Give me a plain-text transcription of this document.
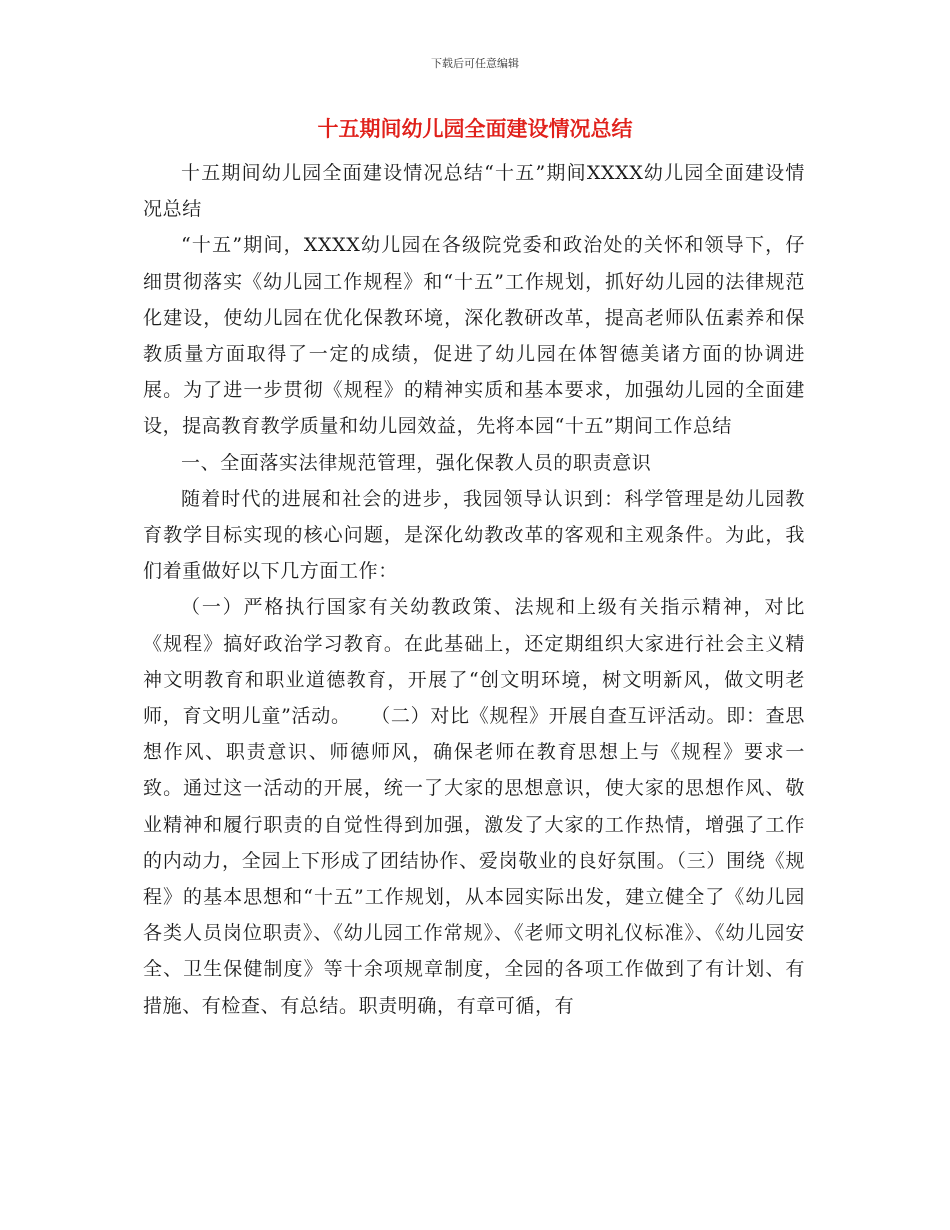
下载后可任意编辑
十五期间幼儿园全面建设情况总结

十五期间幼儿园全面建设情况总结“十五”期间XXXX幼儿园全面建设情况总结

“十五”期间，XXXX幼儿园在各级院党委和政治处的关怀和领导下，仔细贯彻落实《幼儿园工作规程》和“十五”工作规划，抓好幼儿园的法律规范化建设，使幼儿园在优化保教环境，深化教研改革，提高老师队伍素养和保教质量方面取得了一定的成绩，促进了幼儿园在体智德美诸方面的协调进展。为了进一步贯彻《规程》的精神实质和基本要求，加强幼儿园的全面建设，提高教育教学质量和幼儿园效益，先将本园“十五”期间工作总结

一、全面落实法律规范管理，强化保教人员的职责意识

随着时代的进展和社会的进步，我园领导认识到：科学管理是幼儿园教育教学目标实现的核心问题，是深化幼教改革的客观和主观条件。为此，我们着重做好以下几方面工作：

（一）严格执行国家有关幼教政策、法规和上级有关指示精神，对比《规程》搞好政治学习教育。在此基础上，还定期组织大家进行社会主义精神文明教育和职业道德教育，开展了“创文明环境，树文明新风，做文明老师，育文明儿童”活动。　　（二）对比《规程》开展自查互评活动。即：查思想作风、职责意识、师德师风，确保老师在教育思想上与《规程》要求一致。通过这一活动的开展，统一了大家的思想意识，使大家的思想作风、敬业精神和履行职责的自觉性得到加强，激发了大家的工作热情，增强了工作的内动力，全园上下形成了团结协作、爱岗敬业的良好氛围。（三）围绕《规程》的基本思想和“十五”工作规划，从本园实际出发，建立健全了《幼儿园各类人员岗位职责》、《幼儿园工作常规》、《老师文明礼仪标准》、《幼儿园安全、卫生保健制度》等十余项规章制度，全园的各项工作做到了有计划、有措施、有检查、有总结。职责明确，有章可循，有
